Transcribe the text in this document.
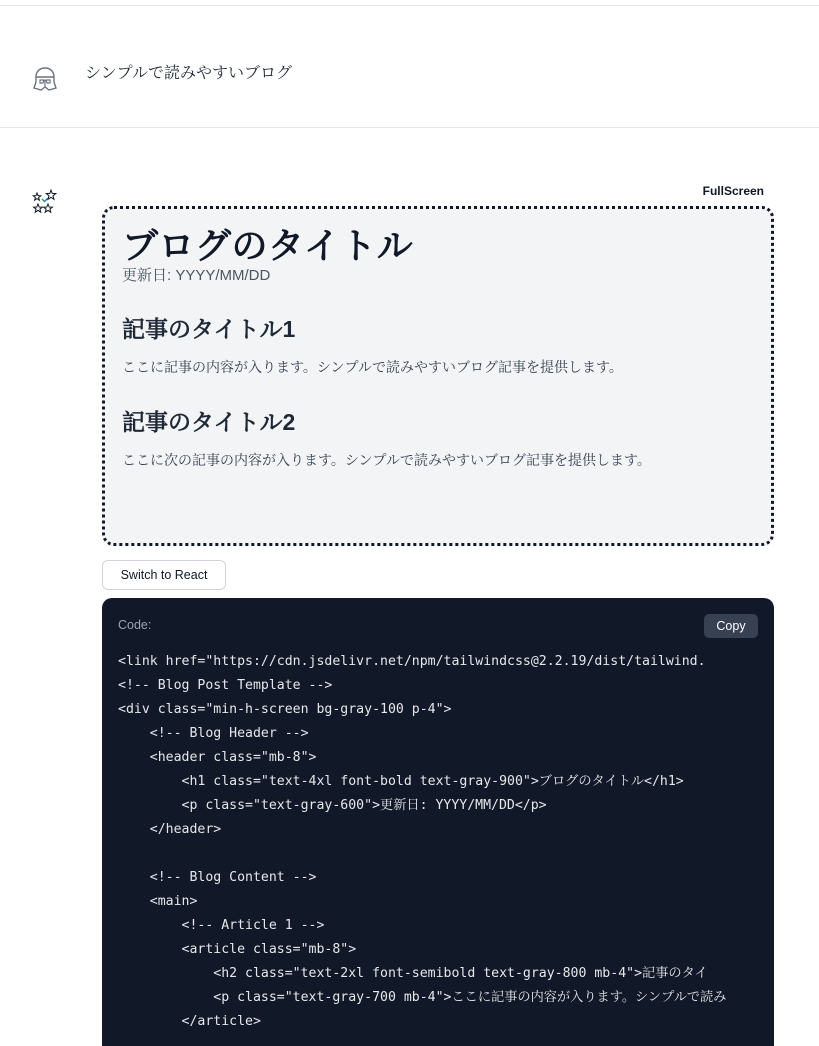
シンプルで読みやすいブログ
FullScreen
ブログのタイトル

更新日: YYYY/MM/DD

記事のタイトル1

ここに記事の内容が入ります。シンプルで読みやすいブログ記事を提供します。

記事のタイトル2

ここに次の記事の内容が入ります。シンプルで読みやすいブログ記事を提供します。

Switch to React
Code:	Copy
<link href="https://cdn.jsdelivr.net/npm/tailwindcss@2.2.19/dist/tailwind.
<!-- Blog Post Template -->
<div class="min-h-screen bg-gray-100 p-4">
<!-- Blog Header -->
<header class="mb-8">
<h1 class="text-4xl font-bold text-gray-900">ブログのタイトル</h1>
<p class="text-gray-600">更新日: YYYY/MM/DD</p>
</header>
<!-- Blog Content -->
<main>
<!-- Article 1 -->
<article class="mb-8">
<h2 class="text-2xl font-semibold text-gray-800 mb-4">記事のタイ
<p class="text-gray-700 mb-4">ここに記事の内容が入ります。シンプルで読み
</article>
